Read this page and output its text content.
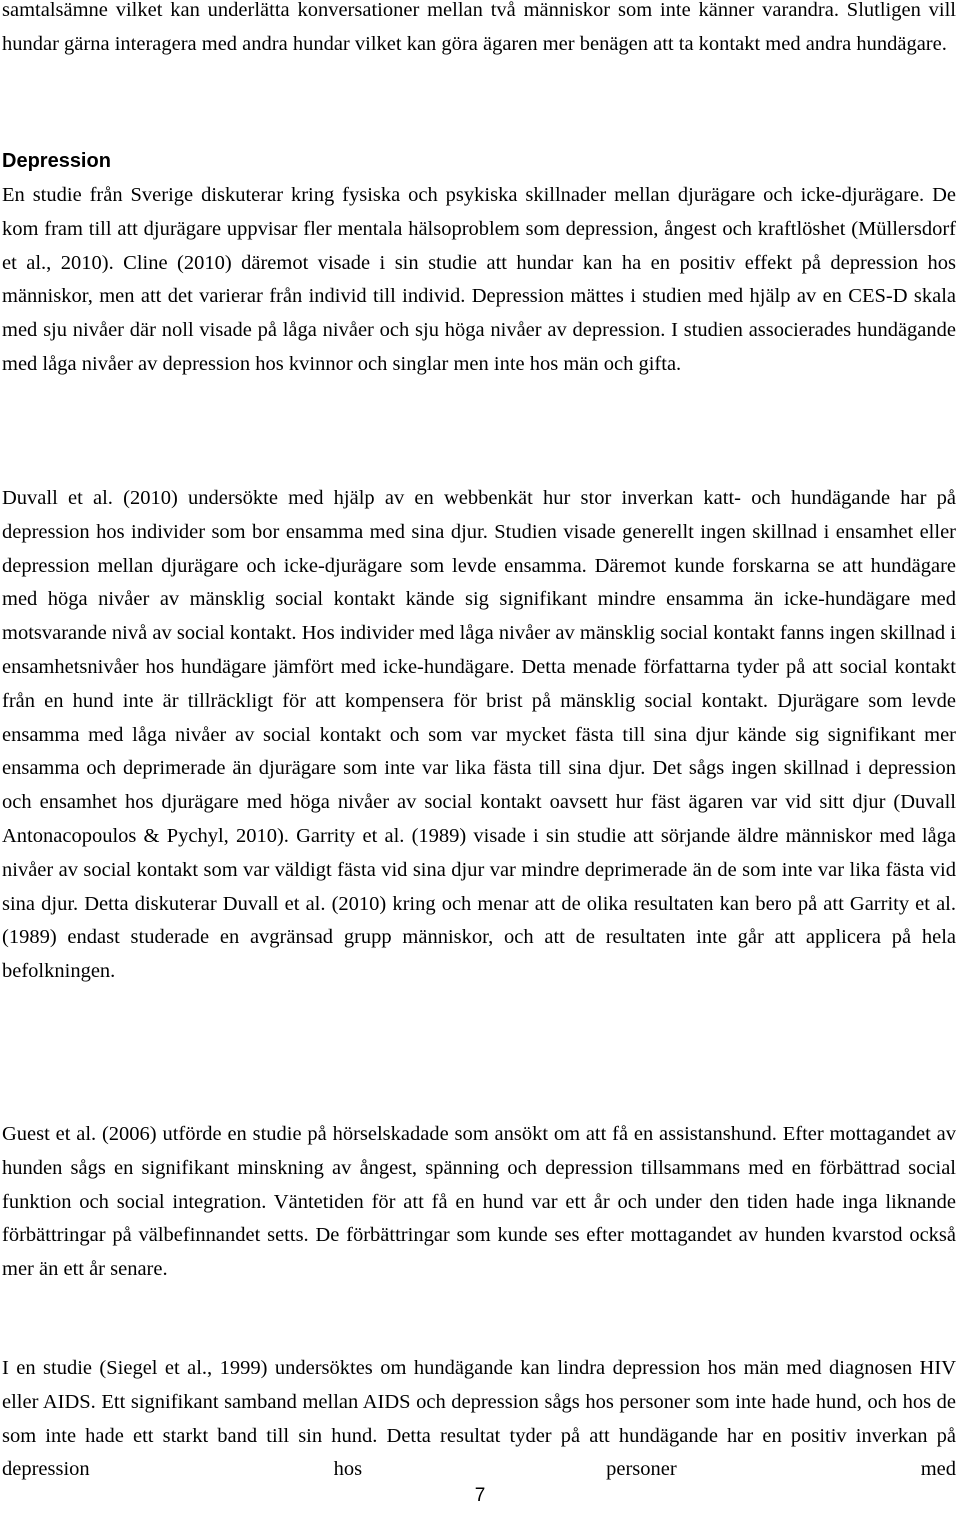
samtalsämne vilket kan underlätta konversationer mellan två människor som inte känner varandra. Slutligen vill hundar gärna interagera med andra hundar vilket kan göra ägaren mer benägen att ta kontakt med andra hundägare.

Depression

En studie från Sverige diskuterar kring fysiska och psykiska skillnader mellan djurägare och icke-djurägare. De kom fram till att djurägare uppvisar fler mentala hälsoproblem som depression, ångest och kraftlöshet (Müllersdorf et al., 2010). Cline (2010) däremot visade i sin studie att hundar kan ha en positiv effekt på depression hos människor, men att det varierar från individ till individ. Depression mättes i studien med hjälp av en CES-D skala med sju nivåer där noll visade på låga nivåer och sju höga nivåer av depression. I studien associerades hundägande med låga nivåer av depression hos kvinnor och singlar men inte hos män och gifta.

Duvall et al. (2010) undersökte med hjälp av en webbenkät hur stor inverkan katt- och hundägande har på depression hos individer som bor ensamma med sina djur. Studien visade generellt ingen skillnad i ensamhet eller depression mellan djurägare och icke-djurägare som levde ensamma. Däremot kunde forskarna se att hundägare med höga nivåer av mänsklig social kontakt kände sig signifikant mindre ensamma än icke-hundägare med motsvarande nivå av social kontakt. Hos individer med låga nivåer av mänsklig social kontakt fanns ingen skillnad i ensamhetsnivåer hos hundägare jämfört med icke-hundägare. Detta menade författarna tyder på att social kontakt från en hund inte är tillräckligt för att kompensera för brist på mänsklig social kontakt. Djurägare som levde ensamma med låga nivåer av social kontakt och som var mycket fästa till sina djur kände sig signifikant mer ensamma och deprimerade än djurägare som inte var lika fästa till sina djur. Det sågs ingen skillnad i depression och ensamhet hos djurägare med höga nivåer av social kontakt oavsett hur fäst ägaren var vid sitt djur (Duvall Antonacopoulos & Pychyl, 2010). Garrity et al. (1989) visade i sin studie att sörjande äldre människor med låga nivåer av social kontakt som var väldigt fästa vid sina djur var mindre deprimerade än de som inte var lika fästa vid sina djur. Detta diskuterar Duvall et al. (2010) kring och menar att de olika resultaten kan bero på att Garrity et al. (1989) endast studerade en avgränsad grupp människor, och att de resultaten inte går att applicera på hela befolkningen.

Guest et al. (2006) utförde en studie på hörselskadade som ansökt om att få en assistanshund. Efter mottagandet av hunden sågs en signifikant minskning av ångest, spänning och depression tillsammans med en förbättrad social funktion och social integration. Väntetiden för att få en hund var ett år och under den tiden hade inga liknande förbättringar på välbefinnandet setts. De förbättringar som kunde ses efter mottagandet av hunden kvarstod också mer än ett år senare.

I en studie (Siegel et al., 1999) undersöktes om hundägande kan lindra depression hos män med diagnosen HIV eller AIDS. Ett signifikant samband mellan AIDS och depression sågs hos personer som inte hade hund, och hos de som inte hade ett starkt band till sin hund. Detta resultat tyder på att hundägande har en positiv inverkan på depression hos personer med

7
